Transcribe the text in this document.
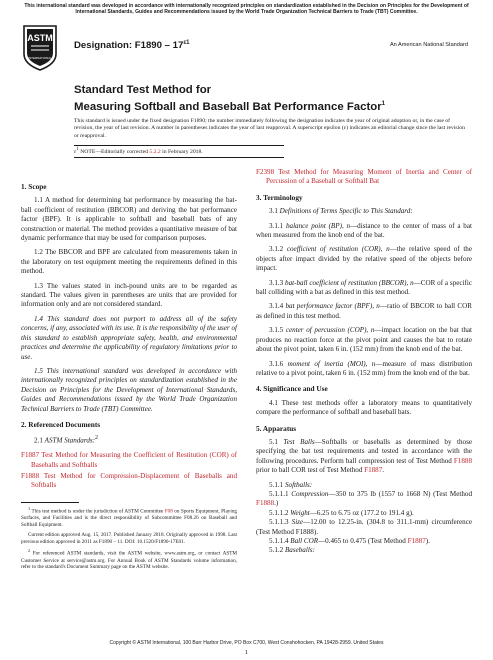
This international standard was developed in accordance with internationally recognized principles on standardization established in the Decision on Principles for the Development of International Standards, Guides and Recommendations issued by the World Trade Organization Technical Barriers to Trade (TBT) Committee.
ASTM
INTERNATIONAL
Designation: $F1890 - 17^{\varepsilon 1}$	An American National Standard
Standard Test Method for
Measuring Softball and Baseball Bat Performance Factor$^1$
This standard is issued under the fixed designation F1890; the number immediately following the designation indicates the year of original adoption or, in the case of revision, the year of last revision. A number in parentheses indicates the year of last reapproval. A superscript epsilon (ε) indicates an editorial change since the last revision or reapproval.
$\varepsilon^1$ NOTE—Editorially corrected 5.2.2 in February 2018.
1. Scope

1.1 A method for determining bat performance by measuring the bat-ball coefficient of restitution (BBCOR) and deriving the bat performance factor (BPF). It is applicable to softball and baseball bats of any construction or material. The method provides a quantitative measure of bat dynamic performance that may be used for comparison purposes.

1.2 The BBCOR and BPF are calculated from measurements taken in the laboratory on test equipment meeting the requirements defined in this method.

1.3 The values stated in inch-pound units are to be regarded as standard. The values given in parentheses are units that are provided for information only and are not considered standard.

1.4 This standard does not purport to address all of the safety concerns, if any, associated with its use. It is the responsibility of the user of this standard to establish appropriate safety, health, and environmental practices and determine the applicability of regulatory limitations prior to use.

1.5 This international standard was developed in accordance with internationally recognized principles on standardization established in the Decision on Principles for the Development of International Standards, Guides and Recommendations issued by the World Trade Organization Technical Barriers to Trade (TBT) Committee.

2. Referenced Documents

2.1 ASTM Standards:$^2$

F1887 Test Method for Measuring the Coefficient of Restitution (COR) of Baseballs and Softballs
F1888 Test Method for Compression-Displacement of Baseballs and Softballs

$^1$ This test method is under the jurisdiction of ASTM Committee F08 on Sports Equipment, Playing Surfaces, and Facilities and is the direct responsibility of Subcommittee F08.26 on Baseball and Softball Equipment.

Current edition approved Aug. 15, 2017. Published January 2018. Originally approved in 1998. Last previous edition approved in 2011 as F1890 – 11. DOI: 10.1520/F1890-17E01.

$^2$ For referenced ASTM standards, visit the ASTM website, www.astm.org, or contact ASTM Customer Service at service@astm.org. For Annual Book of ASTM Standards volume information, refer to the standard's Document Summary page on the ASTM website.

F2398 Test Method for Measuring Moment of Inertia and Center of Percussion of a Baseball or Softball Bat
3. Terminology

3.1 Definitions of Terms Specific to This Standard:

3.1.1 balance point (BP), n—distance to the center of mass of a bat when measured from the knob end of the bat.

3.1.2 coefficient of restitution (COR), n—the relative speed of the objects after impact divided by the relative speed of the objects before impact.

3.1.3 bat-ball coefficient of restitution (BBCOR), n—COR of a specific ball colliding with a bat as defined in this test method.

3.1.4 bat performance factor (BPF), n—ratio of BBCOR to ball COR as defined in this test method.

3.1.5 center of percussion (COP), n—impact location on the bat that produces no reaction force at the pivot point and causes the bat to rotate about the pivot point, taken 6 in. (152 mm) from the knob end of the bat.

3.1.6 moment of inertia (MOI), n—measure of mass distribution relative to a pivot point, taken 6 in. (152 mm) from the knob end of the bat.

4. Significance and Use

4.1 These test methods offer a laboratory means to quantitatively compare the performance of softball and baseball bats.

5. Apparatus

5.1 Test Balls—Softballs or baseballs as determined by those specifying the bat test requirements and tested in accordance with the following procedures. Perform ball compression test of Test Method F1888 prior to ball COR test of Test Method F1887.

5.1.1 Softballs:

5.1.1.1 Compression—350 to 375 lb (1557 to 1668 N) (Test Method F1888.)

5.1.1.2 Weight—6.25 to 6.75 oz (177.2 to 191.4 g).

5.1.1.3 Size—12.00 to 12.25-in. (304.8 to 311.1-mm) circumference (Test Method F1888).

5.1.1.4 Ball COR—0.465 to 0.475 (Test Method F1887).

5.1.2 Baseballs:

Copyright © ASTM International, 100 Barr Harbor Drive, PO Box C700, West Conshohocken, PA 19428-2959. United States
1
